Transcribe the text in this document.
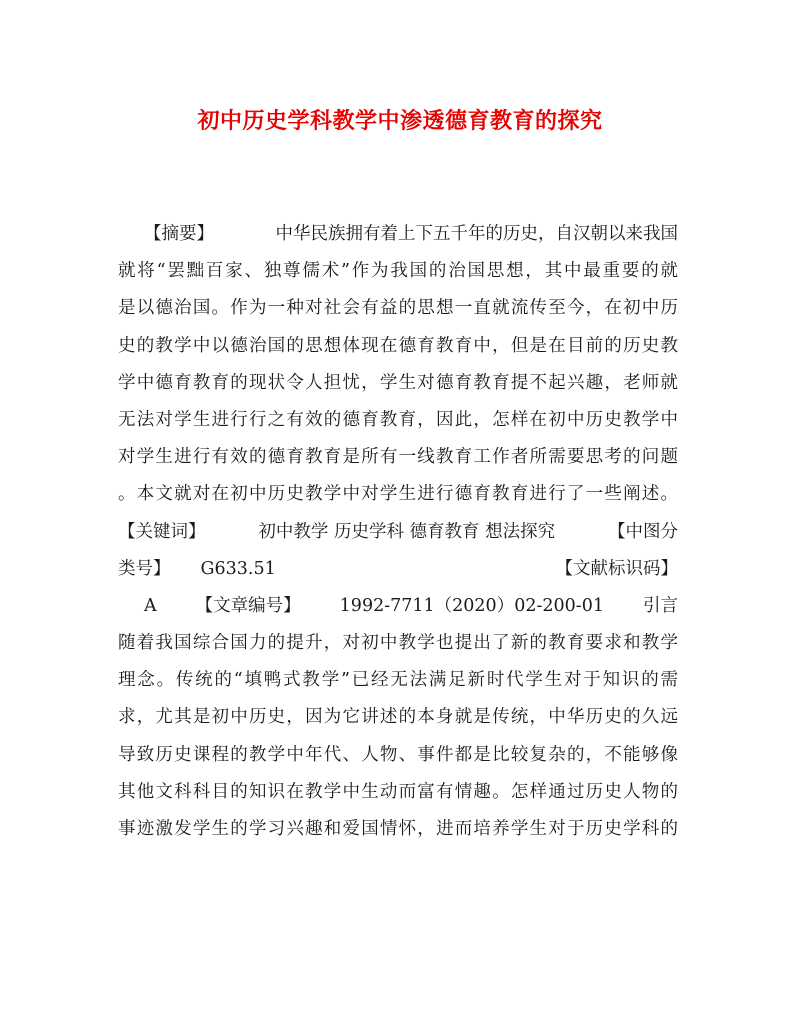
初中历史学科教学中渗透德育教育的探究
【摘要】	中华民族拥有着上下五千年的历史，自汉朝以来我国
就将“罢黜百家、独尊儒术”作为我国的治国思想，其中最重要的就
是以德治国。作为一种对社会有益的思想一直就流传至今，在初中历
史的教学中以德治国的思想体现在德育教育中，但是在目前的历史教
学中德育教育的现状令人担忧，学生对德育教育提不起兴趣，老师就
无法对学生进行行之有效的德育教育，因此，怎样在初中历史教学中
对学生进行有效的德育教育是所有一线教育工作者所需要思考的问题
。本文就对在初中历史教学中对学生进行德育教育进行了一些阐述。
【关键词】	初中教学 历史学科 德育教育 想法探究	【中图分
类号】	G633.51	【文献标识码】
A 【文章编号】 1992-7711（2020）02-200-01 引言
随着我国综合国力的提升，对初中教学也提出了新的教育要求和教学
理念。传统的“填鸭式教学”已经无法满足新时代学生对于知识的需
求，尤其是初中历史，因为它讲述的本身就是传统，中华历史的久远
导致历史课程的教学中年代、人物、事件都是比较复杂的，不能够像
其他文科科目的知识在教学中生动而富有情趣。怎样通过历史人物的
事迹激发学生的学习兴趣和爱国情怀，进而培养学生对于历史学科的
